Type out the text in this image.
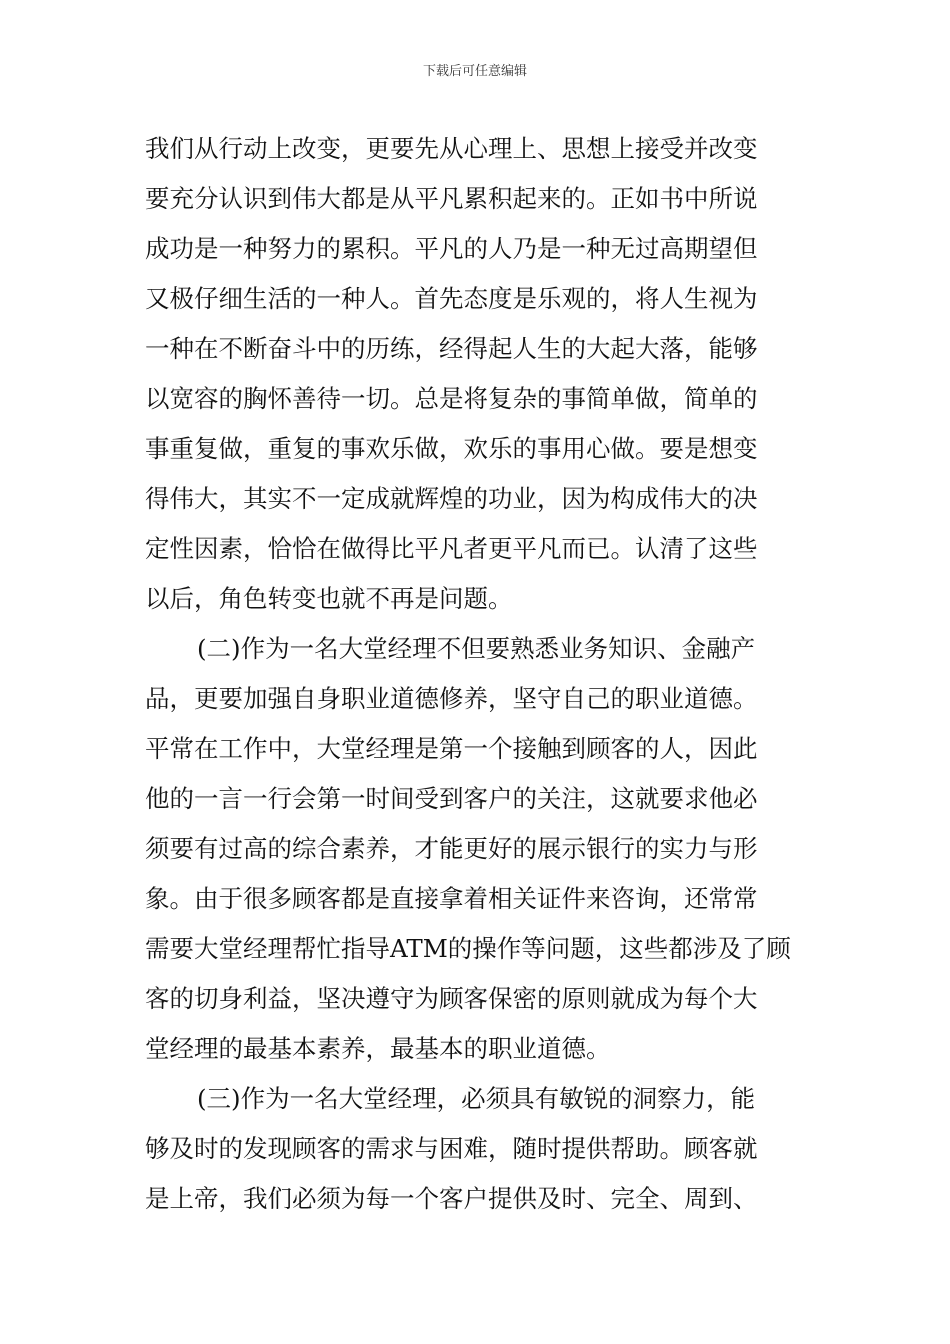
下载后可任意编辑
我们从行动上改变，更要先从心理上、思想上接受并改变
要充分认识到伟大都是从平凡累积起来的。正如书中所说
成功是一种努力的累积。平凡的人乃是一种无过高期望但
又极仔细生活的一种人。首先态度是乐观的，将人生视为
一种在不断奋斗中的历练，经得起人生的大起大落，能够
以宽容的胸怀善待一切。总是将复杂的事简单做，简单的
事重复做，重复的事欢乐做，欢乐的事用心做。要是想变
得伟大，其实不一定成就辉煌的功业，因为构成伟大的决
定性因素，恰恰在做得比平凡者更平凡而已。认清了这些
以后，角色转变也就不再是问题。
(二)作为一名大堂经理不但要熟悉业务知识、金融产
品，更要加强自身职业道德修养，坚守自己的职业道德。
平常在工作中，大堂经理是第一个接触到顾客的人，因此
他的一言一行会第一时间受到客户的关注，这就要求他必
须要有过高的综合素养，才能更好的展示银行的实力与形
象。由于很多顾客都是直接拿着相关证件来咨询，还常常
需要大堂经理帮忙指导ATM的操作等问题，这些都涉及了顾
客的切身利益，坚决遵守为顾客保密的原则就成为每个大
堂经理的最基本素养，最基本的职业道德。
(三)作为一名大堂经理，必须具有敏锐的洞察力，能
够及时的发现顾客的需求与困难，随时提供帮助。顾客就
是上帝，我们必须为每一个客户提供及时、完全、周到、
